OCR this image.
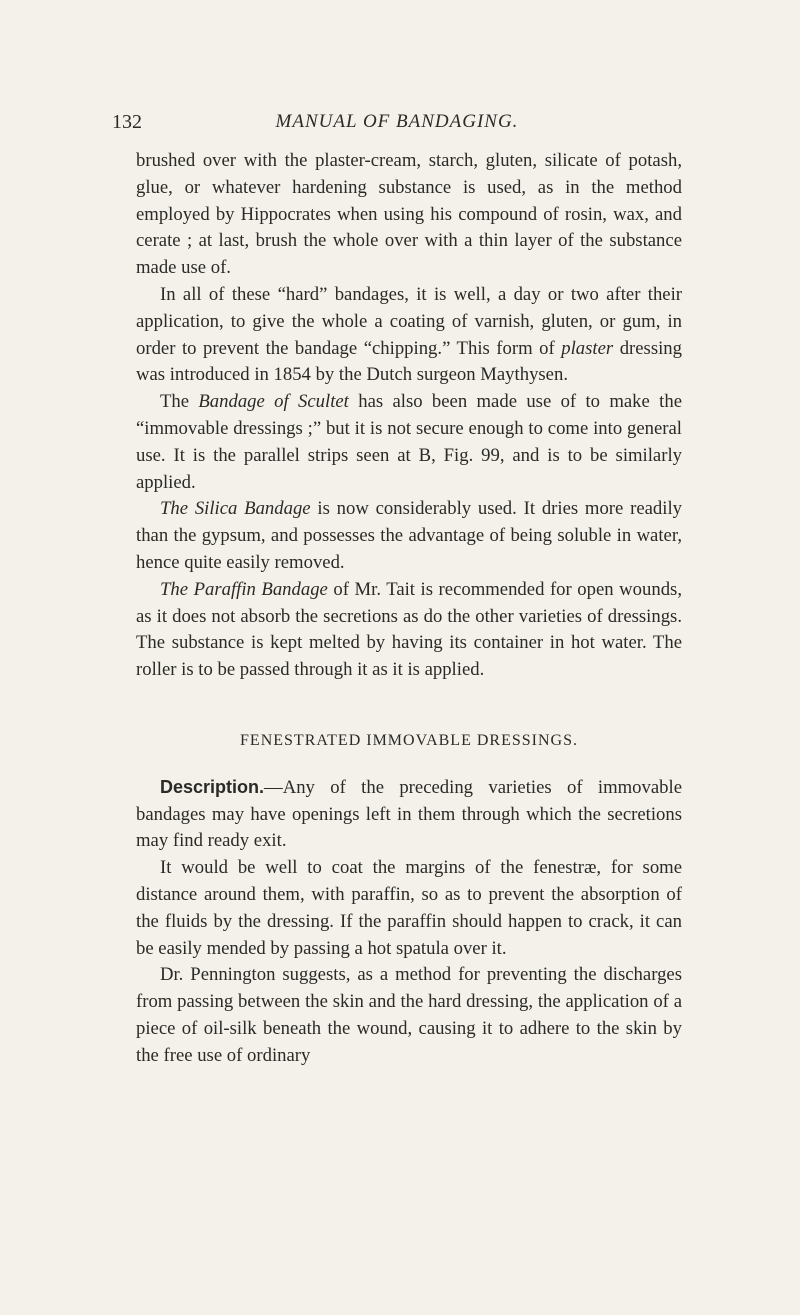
132	MANUAL OF BANDAGING.

brushed over with the plaster-cream, starch, gluten, silicate of potash, glue, or whatever hardening substance is used, as in the method employed by Hippocrates when using his compound of rosin, wax, and cerate ; at last, brush the whole over with a thin layer of the substance made use of.

In all of these “hard” bandages, it is well, a day or two after their application, to give the whole a coating of varnish, gluten, or gum, in order to prevent the bandage “chipping.” This form of plaster dressing was introduced in 1854 by the Dutch surgeon Maythysen.

The Bandage of Scultet has also been made use of to make the “immovable dressings ;” but it is not secure enough to come into general use. It is the parallel strips seen at B, Fig. 99, and is to be similarly applied.

The Silica Bandage is now considerably used. It dries more readily than the gypsum, and possesses the advantage of being soluble in water, hence quite easily removed.

The Paraffin Bandage of Mr. Tait is recommended for open wounds, as it does not absorb the secretions as do the other varieties of dressings. The substance is kept melted by having its container in hot water. The roller is to be passed through it as it is applied.

FENESTRATED IMMOVABLE DRESSINGS.

Description.—Any of the preceding varieties of immovable bandages may have openings left in them through which the secretions may find ready exit.

It would be well to coat the margins of the fenestræ, for some distance around them, with paraffin, so as to prevent the absorption of the fluids by the dressing. If the paraffin should happen to crack, it can be easily mended by passing a hot spatula over it.

Dr. Pennington suggests, as a method for preventing the discharges from passing between the skin and the hard dressing, the application of a piece of oil-silk beneath the wound, causing it to adhere to the skin by the free use of ordinary
